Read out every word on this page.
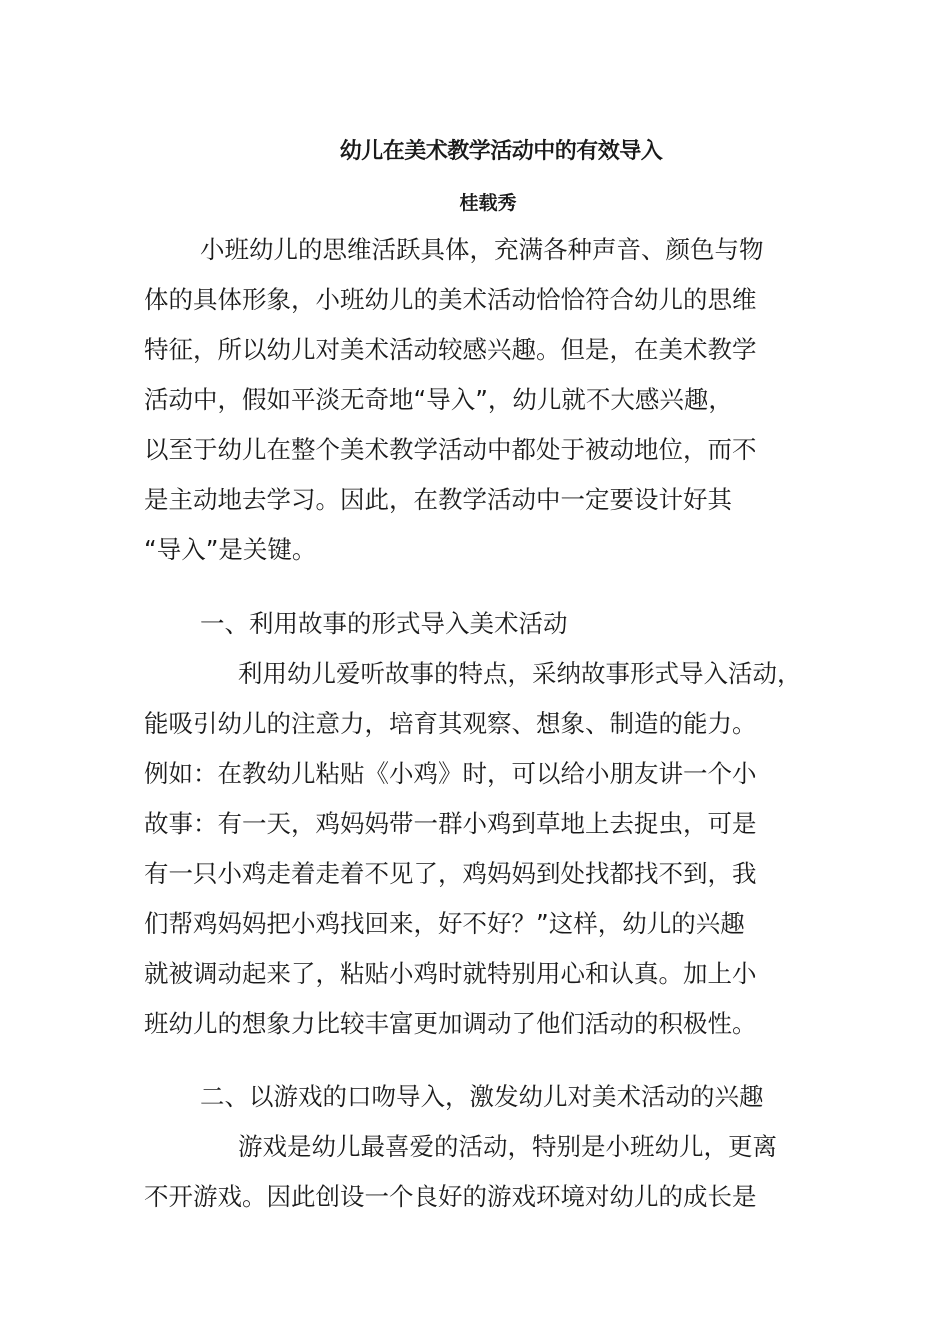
幼儿在美术教学活动中的有效导入
桂载秀
小班幼儿的思维活跃具体，充满各种声音、颜色与物
体的具体形象，小班幼儿的美术活动恰恰符合幼儿的思维
特征，所以幼儿对美术活动较感兴趣。但是，在美术教学
活动中，假如平淡无奇地“导入”，幼儿就不大感兴趣，
以至于幼儿在整个美术教学活动中都处于被动地位，而不
是主动地去学习。因此，在教学活动中一定要设计好其
“导入”是关键。
一、利用故事的形式导入美术活动
利用幼儿爱听故事的特点，采纳故事形式导入活动，
能吸引幼儿的注意力，培育其观察、想象、制造的能力。
例如：在教幼儿粘贴《小鸡》时，可以给小朋友讲一个小
故事：有一天，鸡妈妈带一群小鸡到草地上去捉虫，可是
有一只小鸡走着走着不见了，鸡妈妈到处找都找不到，我
们帮鸡妈妈把小鸡找回来，好不好？”这样，幼儿的兴趣
就被调动起来了，粘贴小鸡时就特别用心和认真。加上小
班幼儿的想象力比较丰富更加调动了他们活动的积极性。
二、以游戏的口吻导入，激发幼儿对美术活动的兴趣
游戏是幼儿最喜爱的活动，特别是小班幼儿，更离
不开游戏。因此创设一个良好的游戏环境对幼儿的成长是
